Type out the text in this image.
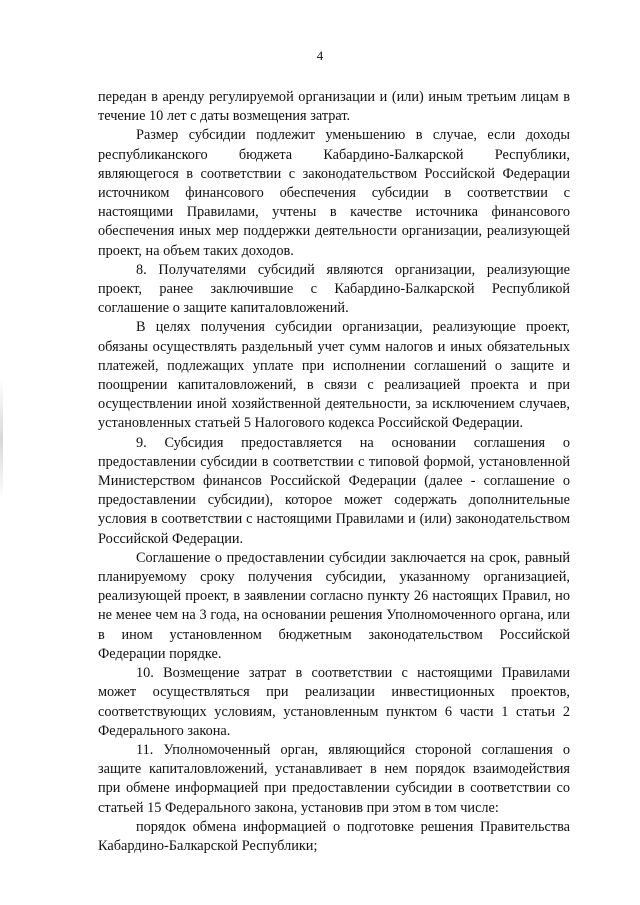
4

передан в аренду регулируемой организации и (или) иным третьим лицам в течение 10 лет с даты возмещения затрат.

Размер субсидии подлежит уменьшению в случае, если доходы республиканского бюджета Кабардино-Балкарской Республики, являющегося в соответствии с законодательством Российской Федерации источником финансового обеспечения субсидии в соответствии с настоящими Правилами, учтены в качестве источника финансового обеспечения иных мер поддержки деятельности организации, реализующей проект, на объем таких доходов.

8. Получателями субсидий являются организации, реализующие проект, ранее заключившие с Кабардино-Балкарской Республикой соглашение о защите капиталовложений.

В целях получения субсидии организации, реализующие проект, обязаны осуществлять раздельный учет сумм налогов и иных обязательных платежей, подлежащих уплате при исполнении соглашений о защите и поощрении капиталовложений, в связи с реализацией проекта и при осуществлении иной хозяйственной деятельности, за исключением случаев, установленных статьей 5 Налогового кодекса Российской Федерации.

9. Субсидия предоставляется на основании соглашения о предоставлении субсидии в соответствии с типовой формой, установленной Министерством финансов Российской Федерации (далее - соглашение о предоставлении субсидии), которое может содержать дополнительные условия в соответствии с настоящими Правилами и (или) законодательством Российской Федерации.

Соглашение о предоставлении субсидии заключается на срок, равный планируемому сроку получения субсидии, указанному организацией, реализующей проект, в заявлении согласно пункту 26 настоящих Правил, но не менее чем на 3 года, на основании решения Уполномоченного органа, или в ином установленном бюджетным законодательством Российской Федерации порядке.

10. Возмещение затрат в соответствии с настоящими Правилами может осуществляться при реализации инвестиционных проектов, соответствующих условиям, установленным пунктом 6 части 1 статьи 2 Федерального закона.

11. Уполномоченный орган, являющийся стороной соглашения о защите капиталовложений, устанавливает в нем порядок взаимодействия при обмене информацией при предоставлении субсидии в соответствии со статьей 15 Федерального закона, установив при этом в том числе:

порядок обмена информацией о подготовке решения Правительства Кабардино-Балкарской Республики;
